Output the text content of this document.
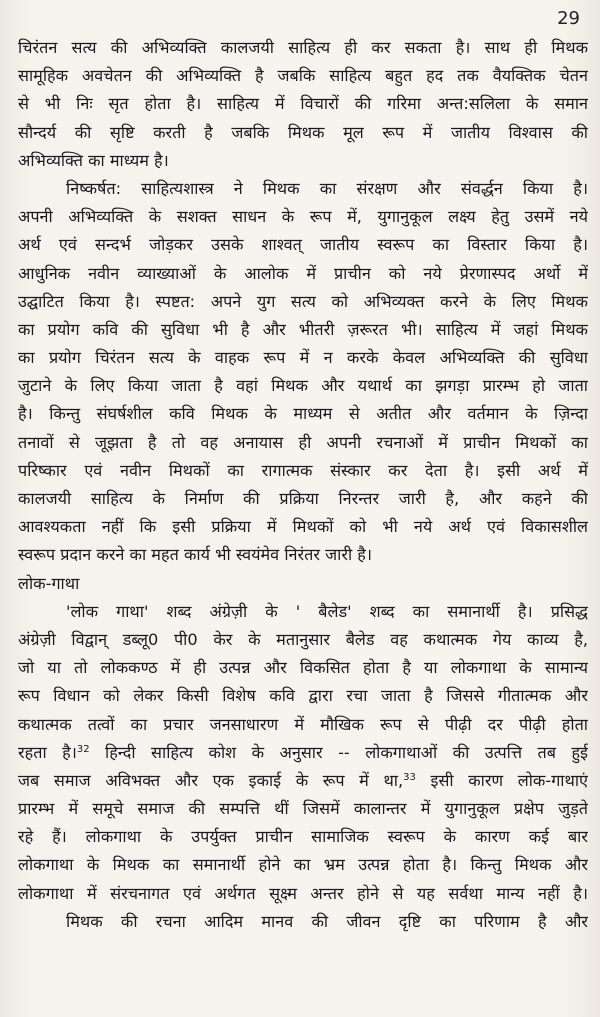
29
चिरंतन सत्य की अभिव्यक्ति कालजयी साहित्य ही कर सकता है। साथ ही मिथक
सामूहिक अवचेतन की अभिव्यक्ति है जबकि साहित्य बहुत हद तक वैयक्तिक चेतन
से भी निः सृत होता है। साहित्य में विचारों की गरिमा अन्त:सलिला के समान
सौन्दर्य की सृष्टि करती है जबकि मिथक मूल रूप में जातीय विश्वास की
अभिव्यक्ति का माध्यम है।
निष्कर्षत: साहित्यशास्त्र ने मिथक का संरक्षण और संवर्द्धन किया है।
अपनी अभिव्यक्ति के सशक्त साधन के रूप में, युगानुकूल लक्ष्य हेतु उसमें नये
अर्थ एवं सन्दर्भ जोड़कर उसके शाश्वत् जातीय स्वरूप का विस्तार किया है।
आधुनिक नवीन व्याख्याओं के आलोक में प्राचीन को नये प्रेरणास्पद अर्थो में
उद्घाटित किया है। स्पष्टत: अपने युग सत्य को अभिव्यक्त करने के लिए मिथक
का प्रयोग कवि की सुविधा भी है और भीतरी ज़रूरत भी। साहित्य में जहां मिथक
का प्रयोग चिरंतन सत्य के वाहक रूप में न करके केवल अभिव्यक्ति की सुविधा
जुटाने के लिए किया जाता है वहां मिथक और यथार्थ का झगड़ा प्रारम्भ हो जाता
है। किन्तु संघर्षशील कवि मिथक के माध्यम से अतीत और वर्तमान के ज़िन्दा
तनावों से जूझता है तो वह अनायास ही अपनी रचनाओं में प्राचीन मिथकों का
परिष्कार एवं नवीन मिथकों का रागात्मक संस्कार कर देता है। इसी अर्थ में
कालजयी साहित्य के निर्माण की प्रक्रिया निरन्तर जारी है, और कहने की
आवश्यकता नहीं कि इसी प्रक्रिया में मिथकों को भी नये अर्थ एवं विकासशील
स्वरूप प्रदान करने का महत कार्य भी स्वयंमेव निरंतर जारी है।
लोक-गाथा
'लोक गाथा' शब्द अंग्रेज़ी के ' बैलेड' शब्द का समानार्थी है। प्रसिद्ध
अंग्रेज़ी विद्वान् डब्लू0 पी0 केर के मतानुसार बैलेड वह कथात्मक गेय काव्य है,
जो या तो लोककण्ठ में ही उत्पन्न और विकसित होता है या लोकगाथा के सामान्य
रूप विधान को लेकर किसी विशेष कवि द्वारा रचा जाता है जिससे गीतात्मक और
कथात्मक तत्वों का प्रचार जनसाधारण में मौखिक रूप से पीढ़ी दर पीढ़ी होता
रहता है।$^{32}$ हिन्दी साहित्य कोश के अनुसार -- लोकगाथाओं की उत्पत्ति तब हुई
जब समाज अविभक्त और एक इकाई के रूप में था,$^{33}$ इसी कारण लोक-गाथाएं
प्रारम्भ में समूचे समाज की सम्पत्ति थीं जिसमें कालान्तर में युगानुकूल प्रक्षेप जुड़ते
रहे हैं। लोकगाथा के उपर्युक्त प्राचीन सामाजिक स्वरूप के कारण कई बार
लोकगाथा के मिथक का समानार्थी होने का भ्रम उत्पन्न होता है। किन्तु मिथक और
लोकगाथा में संरचनागत एवं अर्थगत सूक्ष्म अन्तर होने से यह सर्वथा मान्य नहीं है।
मिथक की रचना आदिम मानव की जीवन दृष्टि का परिणाम है और
